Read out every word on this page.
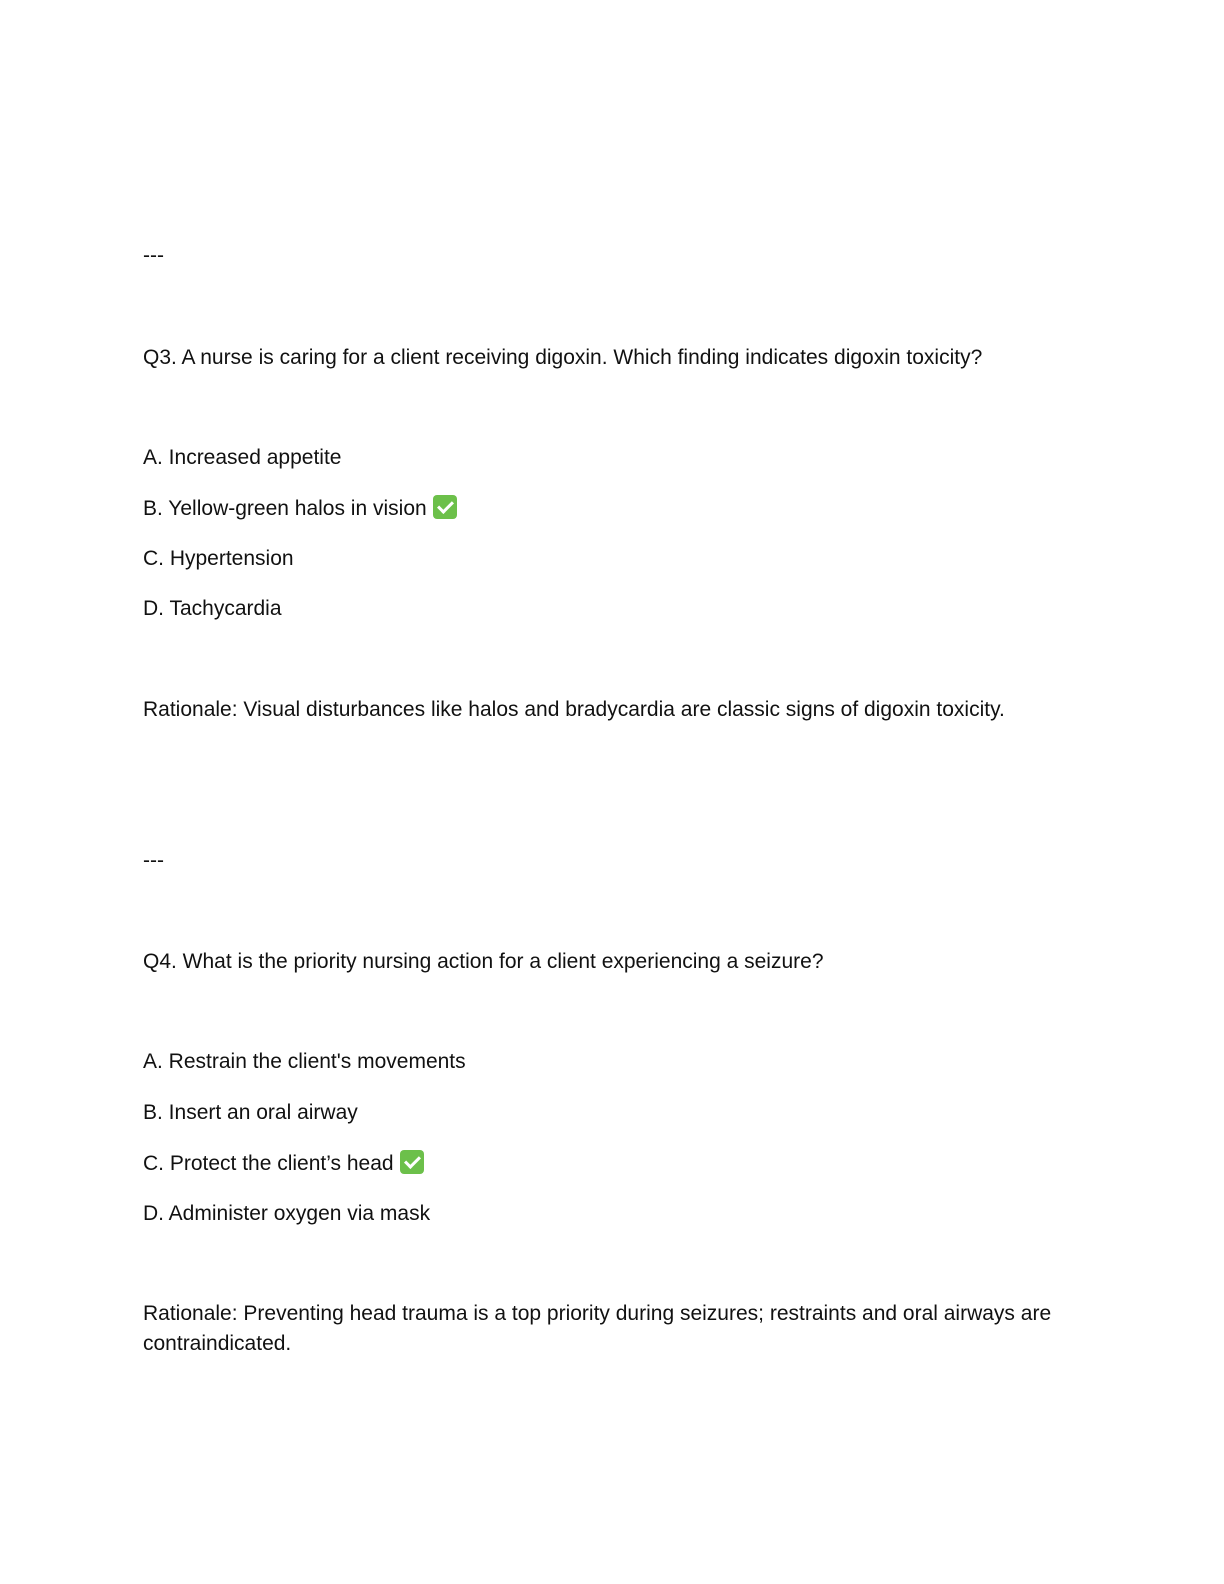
---
Q3. A nurse is caring for a client receiving digoxin. Which finding indicates digoxin toxicity?
A. Increased appetite
B. Yellow-green halos in vision
C. Hypertension
D. Tachycardia
Rationale: Visual disturbances like halos and bradycardia are classic signs of digoxin toxicity.
---
Q4. What is the priority nursing action for a client experiencing a seizure?
A. Restrain the client's movements
B. Insert an oral airway
C. Protect the client’s head
D. Administer oxygen via mask
Rationale: Preventing head trauma is a top priority during seizures; restraints and oral airways are contraindicated.
